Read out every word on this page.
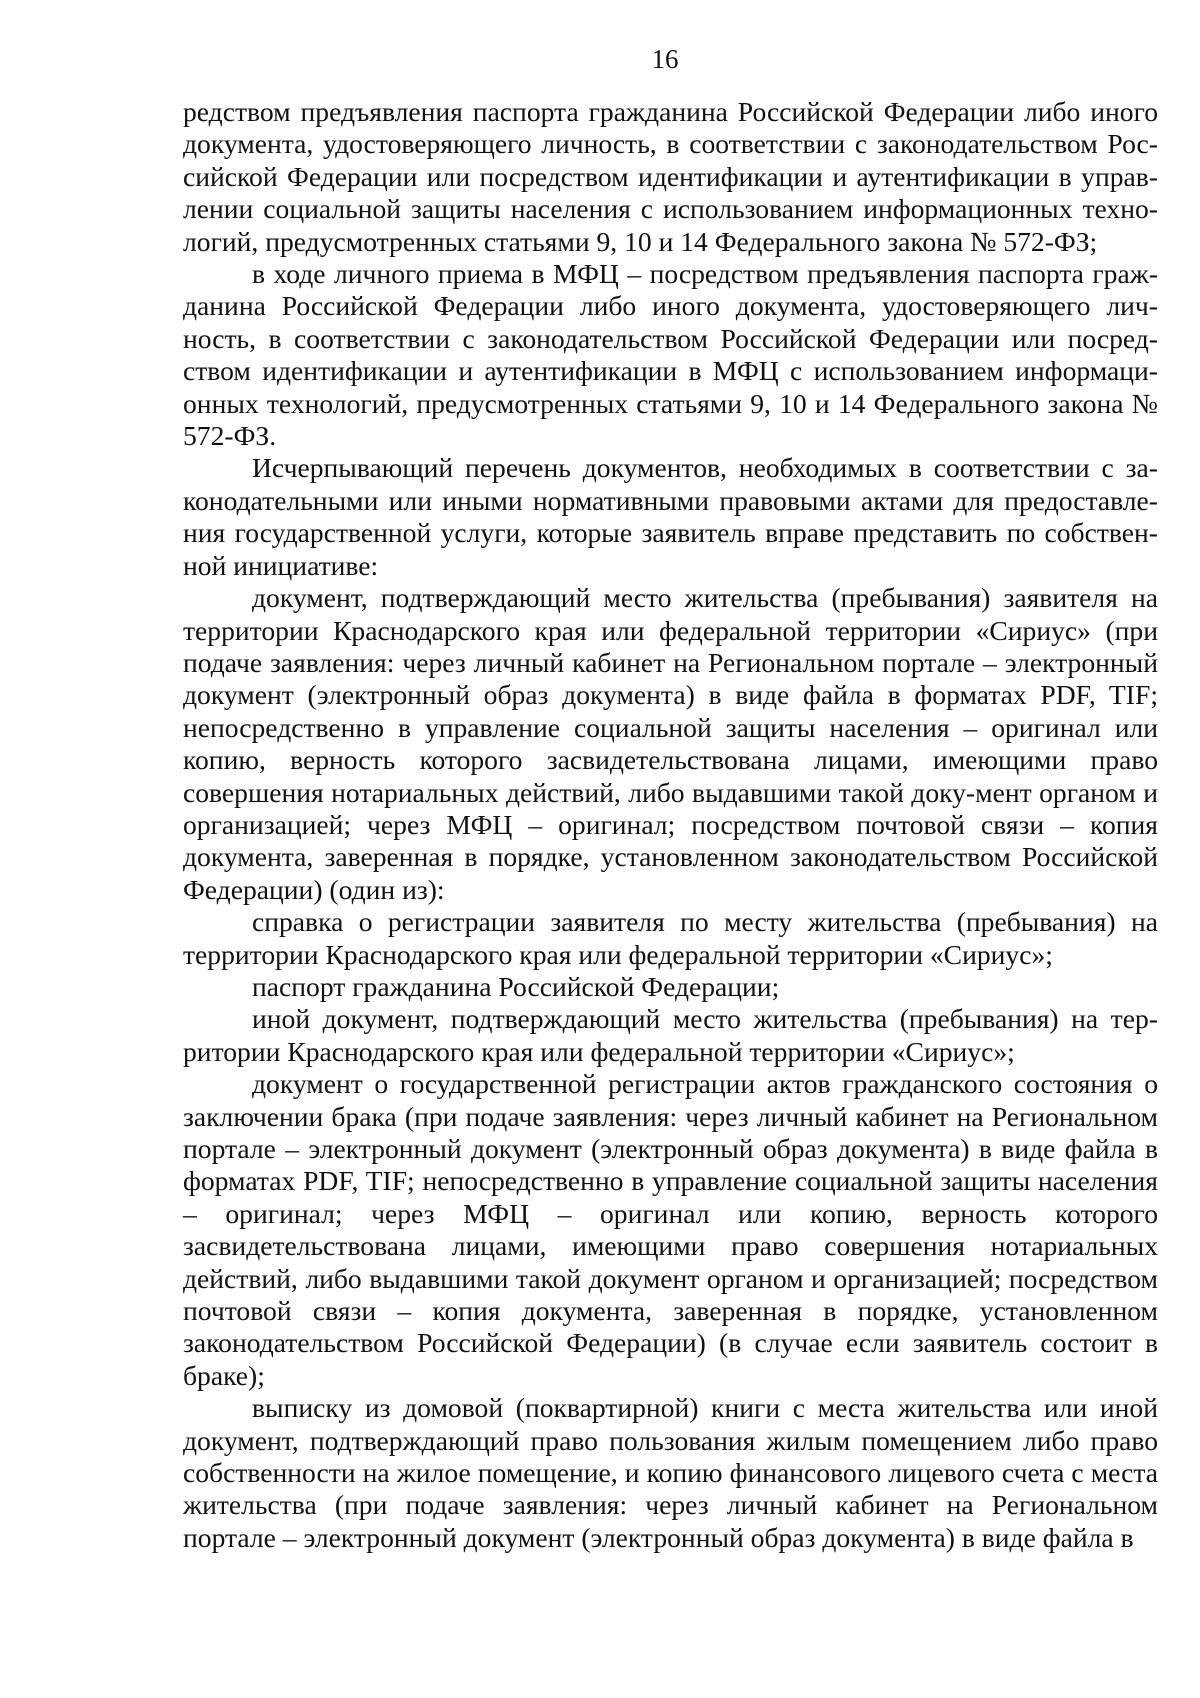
16

редством предъявления паспорта гражданина Российской Федерации либо иного документа, удостоверяющего личность, в соответствии с законодательством Российской Федерации или посредством идентификации и аутентификации в управлении социальной защиты населения с использованием информационных технологий, предусмотренных статьями 9, 10 и 14 Федерального закона № 572-ФЗ;

в ходе личного приема в МФЦ – посредством предъявления паспорта гражданина Российской Федерации либо иного документа, удостоверяющего личность, в соответствии с законодательством Российской Федерации или посредством идентификации и аутентификации в МФЦ с использованием информационных технологий, предусмотренных статьями 9, 10 и 14 Федерального закона № 572-ФЗ.

Исчерпывающий перечень документов, необходимых в соответствии с законодательными или иными нормативными правовыми актами для предоставления государственной услуги, которые заявитель вправе представить по собственной инициативе:

документ, подтверждающий место жительства (пребывания) заявителя на территории Краснодарского края или федеральной территории «Сириус» (при подаче заявления: через личный кабинет на Региональном портале – электронный документ (электронный образ документа) в виде файла в форматах PDF, TIF; непосредственно в управление социальной защиты населения – оригинал или копию, верность которого засвидетельствована лицами, имеющими право совершения нотариальных действий, либо выдавшими такой доку-мент органом и организацией; через МФЦ – оригинал; посредством почтовой связи – копия документа, заверенная в порядке, установленном законодательством Российской Федерации) (один из):

справка о регистрации заявителя по месту жительства (пребывания) на территории Краснодарского края или федеральной территории «Сириус»;

паспорт гражданина Российской Федерации;

иной документ, подтверждающий место жительства (пребывания) на территории Краснодарского края или федеральной территории «Сириус»;

документ о государственной регистрации актов гражданского состояния о заключении брака (при подаче заявления: через личный кабинет на Региональном портале – электронный документ (электронный образ документа) в виде файла в форматах PDF, TIF; непосредственно в управление социальной защиты населения – оригинал; через МФЦ – оригинал или копию, верность которого засвидетельствована лицами, имеющими право совершения нотариальных действий, либо выдавшими такой документ органом и организацией; посредством почтовой связи – копия документа, заверенная в порядке, установленном законодательством Российской Федерации) (в случае если заявитель состоит в браке);

выписку из домовой (поквартирной) книги с места жительства или иной документ, подтверждающий право пользования жилым помещением либо право собственности на жилое помещение, и копию финансового лицевого счета с места жительства (при подаче заявления: через личный кабинет на Региональном портале – электронный документ (электронный образ документа) в виде файла в
